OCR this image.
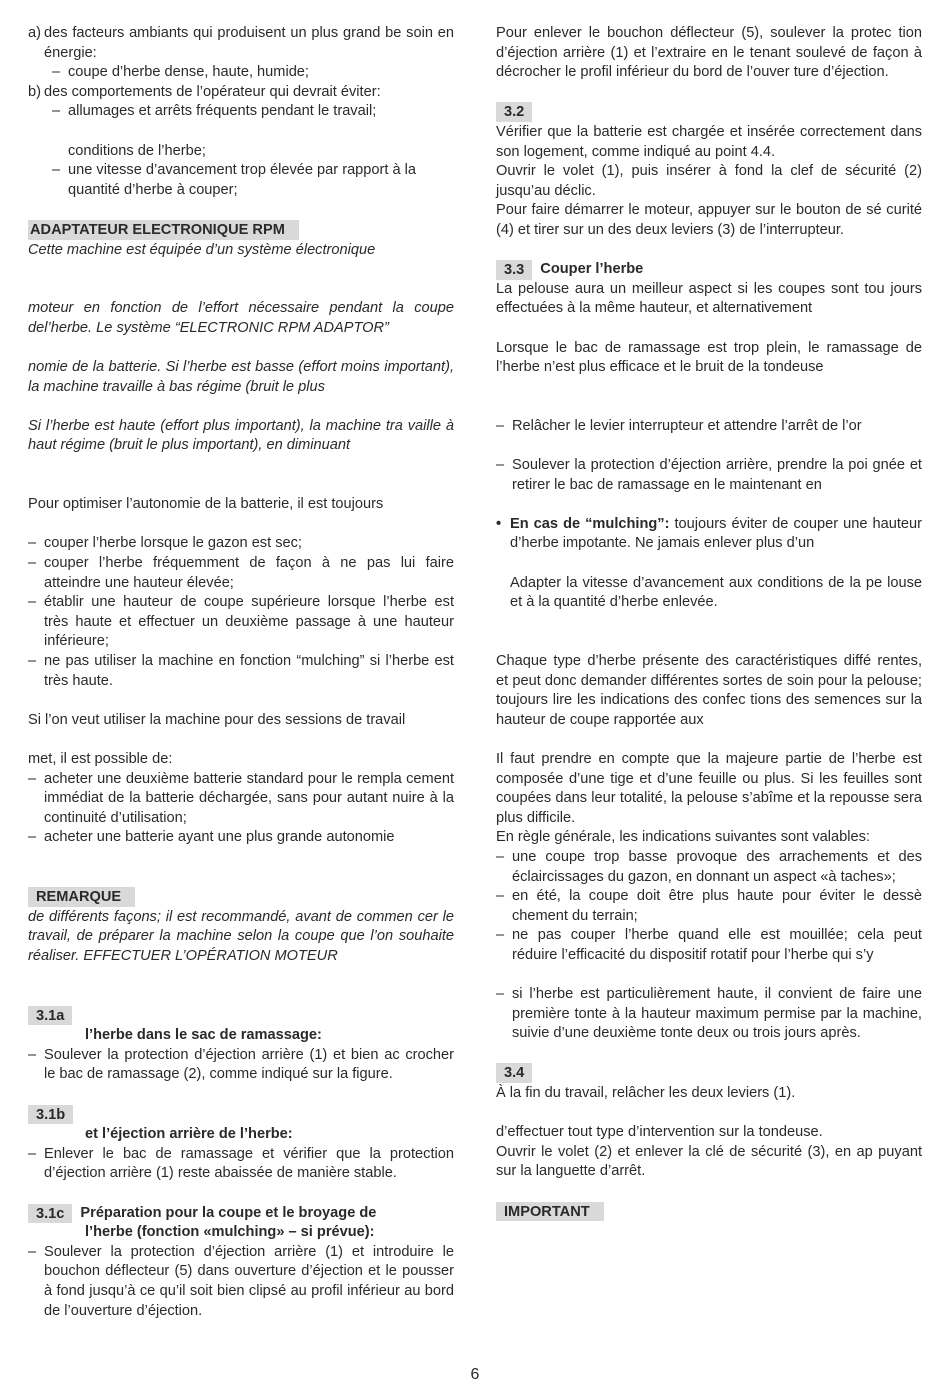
a) des facteurs ambiants qui produisent un plus grand be soin en énergie:

– coupe d’herbe dense, haute, humide;

b) des comportements de l’opérateur qui devrait éviter:

– allumages et arrêts fréquents pendant le travail;

conditions de l’herbe;

– une vitesse d’avancement trop élevée par rapport à la quantité d’herbe à couper;

ADAPTATEUR ELECTRONIQUE RPM

Cette machine est équipée d’un système électronique

moteur en fonction de l’effort nécessaire pendant la coupe del’herbe. Le système “ELECTRONIC RPM ADAPTOR”

nomie de la batterie. Si l’herbe est basse (effort moins important), la machine travaille à bas régime (bruit le plus

Si l’herbe est haute (effort plus important), la machine tra vaille à haut régime (bruit le plus important), en diminuant

Pour optimiser l’autonomie de la batterie, il est toujours

– couper l’herbe lorsque le gazon est sec;

– couper l’herbe fréquemment de façon à ne pas lui faire atteindre une hauteur élevée;

– établir une hauteur de coupe supérieure lorsque l’herbe est très haute et effectuer un deuxième passage à une hauteur inférieure;

– ne pas utiliser la machine en fonction “mulching” si l’herbe est très haute.

Si l’on veut utiliser la machine pour des sessions de travail

met, il est possible de:

– acheter une deuxième batterie standard pour le rempla cement immédiat de la batterie déchargée, sans pour autant nuire à la continuité d’utilisation;

– acheter une batterie ayant une plus grande autonomie

REMARQUE

de différents façons; il est recommandé, avant de commen cer le travail, de préparer la machine selon la coupe que l’on souhaite réaliser. EFFECTUER L’OPÉRATION MOTEUR

3.1a

l’herbe dans le sac de ramassage:

– Soulever la protection d’éjection arrière (1) et bien ac crocher le bac de ramassage (2), comme indiqué sur la figure.

3.1b

et l’éjection arrière de l’herbe:

– Enlever le bac de ramassage et vérifier que la protection d’éjection arrière (1) reste abaissée de manière stable.

3.1c	Préparation pour la coupe et le broyage de

l’herbe (fonction «mulching» – si prévue):

– Soulever la protection d’éjection arrière (1) et introduire le bouchon déflecteur (5) dans ouverture d’éjection et le pousser à fond jusqu’à ce qu’il soit bien clipsé au profil inférieur au bord de l’ouverture d’éjection.

Pour enlever le bouchon déflecteur (5), soulever la protec tion d’éjection arrière (1) et l’extraire en le tenant soulevé de façon à décrocher le profil inférieur du bord de l’ouver ture d’éjection.

3.2

Vérifier que la batterie est chargée et insérée correctement dans son logement, comme indiqué au point 4.4.

Ouvrir le volet (1), puis insérer à fond la clef de sécurité (2) jusqu’au déclic.

Pour faire démarrer le moteur, appuyer sur le bouton de sé curité (4) et tirer sur un des deux leviers (3) de l’interrupteur.

3.3	Couper l’herbe

La pelouse aura un meilleur aspect si les coupes sont tou jours effectuées à la même hauteur, et alternativement

Lorsque le bac de ramassage est trop plein, le ramassage de l’herbe n’est plus efficace et le bruit de la tondeuse

– Relâcher le levier interrupteur et attendre l’arrêt de l’or

– Soulever la protection d’éjection arrière, prendre la poi gnée et retirer le bac de ramassage en le maintenant en

• En cas de “mulching”: toujours éviter de couper une hauteur d’herbe impotante. Ne jamais enlever plus d’un

Adapter la vitesse d’avancement aux conditions de la pe louse et à la quantité d’herbe enlevée.

Chaque type d’herbe présente des caractéristiques diffé rentes, et peut donc demander différentes sortes de soin pour la pelouse; toujours lire les indications des confec tions des semences sur la hauteur de coupe rapportée aux

Il faut prendre en compte que la majeure partie de l’herbe est composée d’une tige et d’une feuille ou plus. Si les feuilles sont coupées dans leur totalité, la pelouse s’abîme et la repousse sera plus difficile.

En règle générale, les indications suivantes sont valables:

– une coupe trop basse provoque des arrachements et des éclaircissages du gazon, en donnant un aspect «à taches»;

– en été, la coupe doit être plus haute pour éviter le dessè chement du terrain;

– ne pas couper l’herbe quand elle est mouillée; cela peut réduire l’efficacité du dispositif rotatif pour l’herbe qui s’y

– si l’herbe est particulièrement haute, il convient de faire une première tonte à la hauteur maximum permise par la machine, suivie d’une deuxième tonte deux ou trois jours après.

3.4

À la fin du travail, relâcher les deux leviers (1).

d’effectuer tout type d’intervention sur la tondeuse.

Ouvrir le volet (2) et enlever la clé de sécurité (3), en ap puyant sur la languette d’arrêt.

IMPORTANT
6
